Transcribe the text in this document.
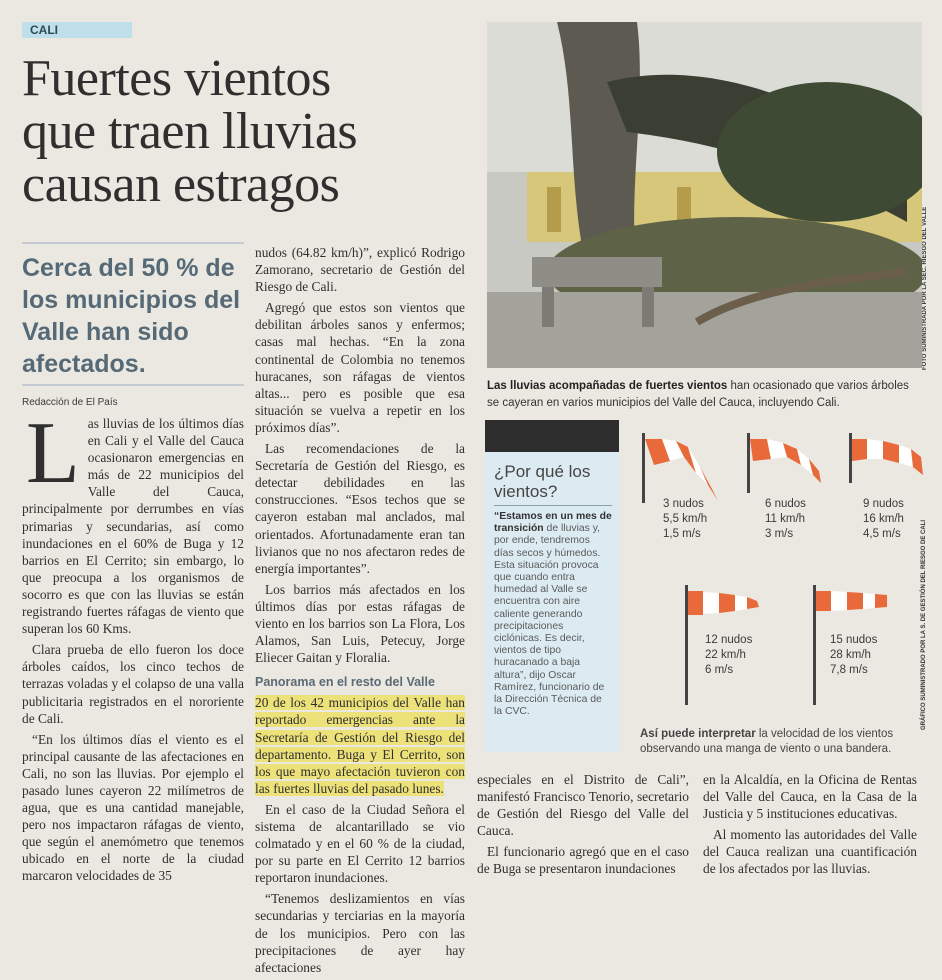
CALI
Fuertes vientos
que traen lluvias
causan estragos
Cerca del 50 % de los municipios del Valle han sido afectados.
Redacción de El País

Las lluvias de los últimos días en Cali y el Valle del Cauca ocasionaron emergencias en más de 22 municipios del Valle del Cauca, principalmente por derrumbes en vías primarias y secundarias, así como inundaciones en el 60% de Buga y 12 barrios en El Cerrito; sin embargo, lo que preocupa a los organismos de socorro es que con las lluvias se están registrando fuertes ráfagas de viento que superan los 60 Kms.

Clara prueba de ello fueron los doce árboles caídos, los cinco techos de terrazas voladas y el colapso de una valla publicitaria registrados en el nororiente de Cali.

“En los últimos días el viento es el principal causante de las afectaciones en Cali, no son las lluvias. Por ejemplo el pasado lunes cayeron 22 milímetros de agua, que es una cantidad manejable, pero nos impactaron ráfagas de viento, que según el anemómetro que tenemos ubicado en el norte de la ciudad marcaron velocidades de 35

nudos (64.82 km/h)”, explicó Rodrigo Zamorano, secretario de Gestión del Riesgo de Cali.

Agregó que estos son vientos que debilitan árboles sanos y enfermos; casas mal hechas. “En la zona continental de Colombia no tenemos huracanes, son ráfagas de vientos altas... pero es posible que esa situación se vuelva a repetir en los próximos días”.

Las recomendaciones de la Secretaría de Gestión del Riesgo, es detectar debilidades en las construcciones. “Esos techos que se cayeron estaban mal anclados, mal orientados. Afortunadamente eran tan livianos que no nos afectaron redes de energía importantes”.

Los barrios más afectados en los últimos días por estas ráfagas de viento en los barrios son La Flora, Los Alamos, San Luis, Petecuy, Jorge Eliecer Gaitan y Floralia.

Panorama en el resto del Valle

20 de los 42 municipios del Valle han reportado emergencias ante la Secretaría de Gestión del Riesgo del departamento. Buga y El Cerrito, son los que mayo afectación tuvieron con las fuertes lluvias del pasado lunes.

En el caso de la Ciudad Señora el sistema de alcantarillado se vio colmatado y en el 60 % de la ciudad, por su parte en El Cerrito 12 barrios reportaron inundaciones.

“Tenemos deslizamientos en vías secundarias y terciarias en la mayoría de los municipios. Pero con las precipitaciones de ayer hay afectaciones

FOTO SUMINISTRADA POR LA SEC. RIESGO DEL VALLE
Las lluvias acompañadas de fuertes vientos han ocasionado que varios árboles se cayeran en varios municipios del Valle del Cauca, incluyendo Cali.
¿Por qué los vientos?
“Estamos en un mes de transición de lluvias y, por ende, tendremos días secos y húmedos. Esta situación provoca que cuando entra humedad al Valle se encuentra con aire caliente generando precipitaciones ciclónicas. Es decir, vientos de tipo huracanado a baja altura”, dijo Oscar Ramírez, funcionario de la Dirección Técnica de la CVC.
3 nudos
5,5 km/h
1,5 m/s
6 nudos
11 km/h
3 m/s
9 nudos
16 km/h
4,5 m/s
12 nudos
22 km/h
6 m/s
15 nudos
28 km/h
7,8 m/s	GRÁFICO SUMINISTRADO POR LA S. DE GESTIÓN DEL RIESGO DE CALI
Así puede interpretar la velocidad de los vientos observando una manga de viento o una bandera.

especiales en el Distrito de Cali”, manifestó Francisco Tenorio, secretario de Gestión del Riesgo del Valle del Cauca.

El funcionario agregó que en el caso de Buga se presentaron inundaciones

en la Alcaldía, en la Oficina de Rentas del Valle del Cauca, en la Casa de la Justicia y 5 instituciones educativas.

Al momento las autoridades del Valle del Cauca realizan una cuantificación de los afectados por las lluvias.
